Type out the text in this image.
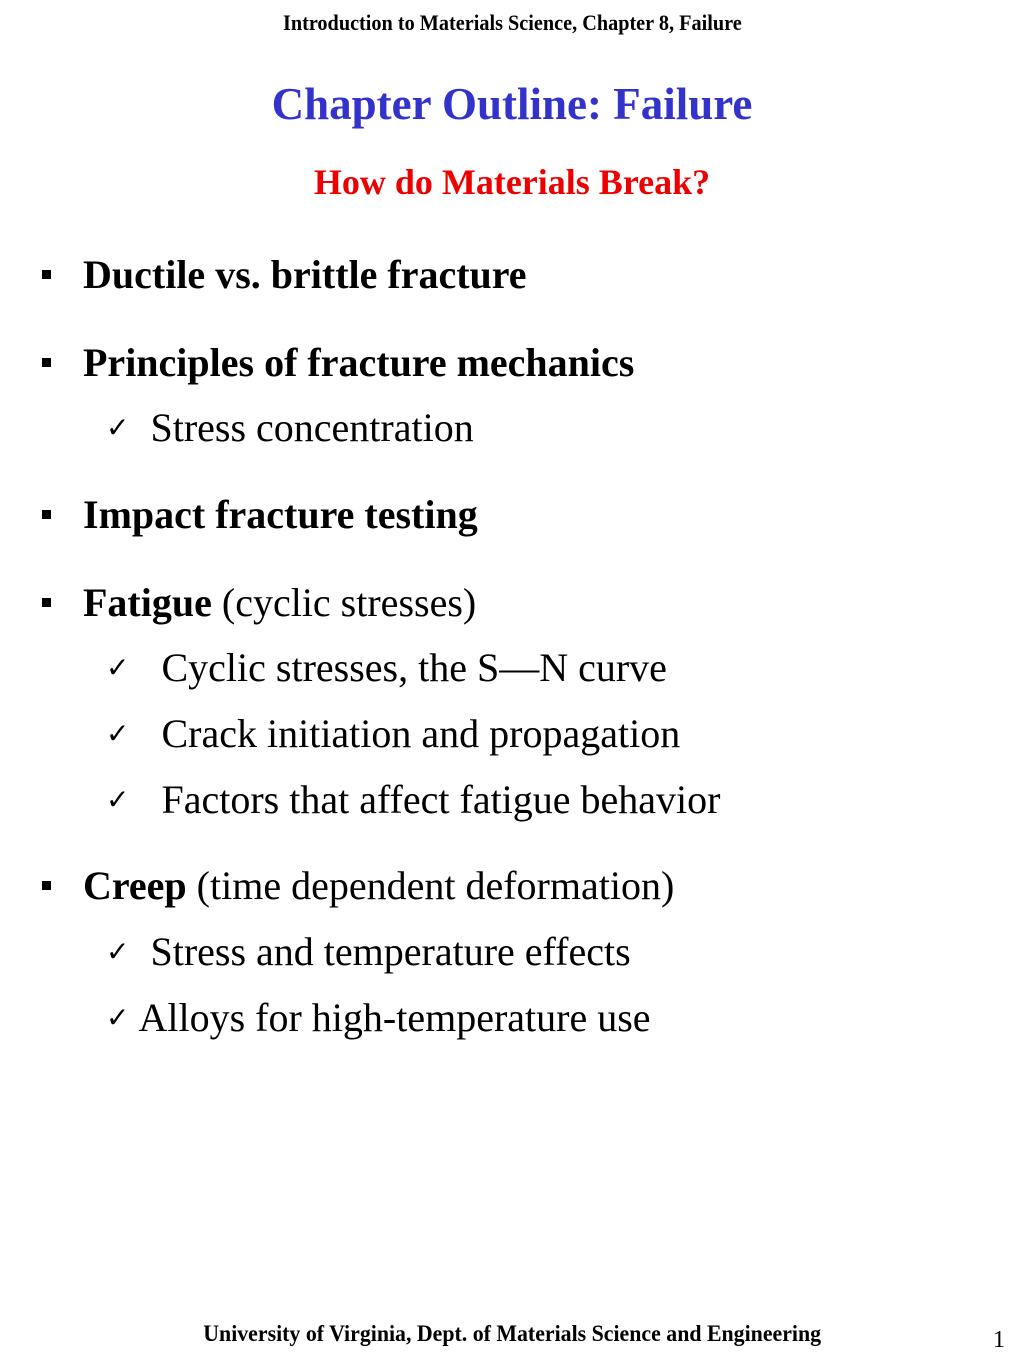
Introduction to Materials Science, Chapter 8, Failure
Chapter Outline: Failure
How do Materials Break?
Ductile vs. brittle fracture
Principles of fracture mechanics
✓ Stress concentration
Impact fracture testing
Fatigue (cyclic stresses)
✓ Cyclic stresses, the S—N curve
✓ Crack initiation and propagation
✓ Factors that affect fatigue behavior
Creep (time dependent deformation)
✓ Stress and temperature effects
✓ Alloys for high-temperature use
University of Virginia, Dept. of Materials Science and Engineering	1
